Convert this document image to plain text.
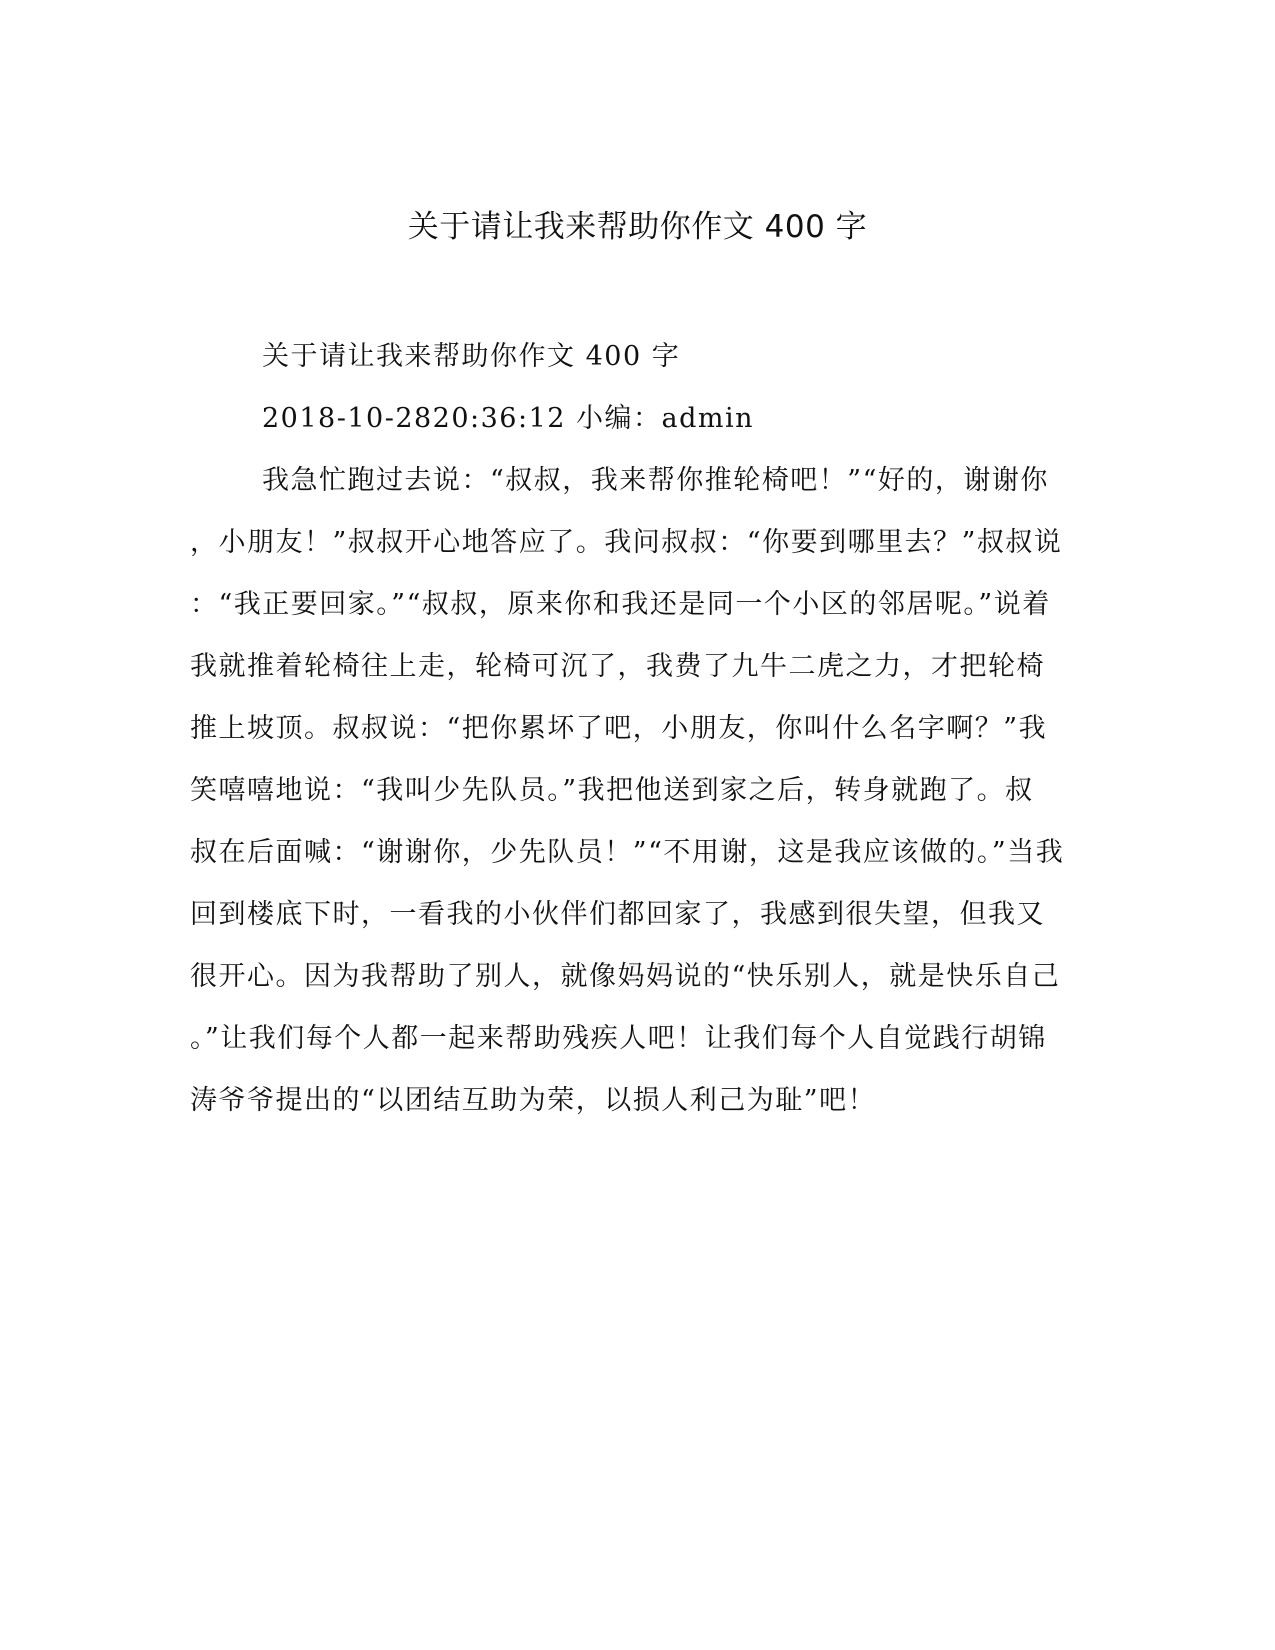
关于请让我来帮助你作文 400 字
关于请让我来帮助你作文 400 字
2018-10-2820:36:12 小编：admin
我急忙跑过去说：“叔叔，我来帮你推轮椅吧！”“好的，谢谢你
，小朋友！”叔叔开心地答应了。我问叔叔：“你要到哪里去？”叔叔说
：“我正要回家。”“叔叔，原来你和我还是同一个小区的邻居呢。”说着
我就推着轮椅往上走，轮椅可沉了，我费了九牛二虎之力，才把轮椅
推上坡顶。叔叔说：“把你累坏了吧，小朋友，你叫什么名字啊？”我
笑嘻嘻地说：“我叫少先队员。”我把他送到家之后，转身就跑了。叔
叔在后面喊：“谢谢你，少先队员！”“不用谢，这是我应该做的。”当我
回到楼底下时，一看我的小伙伴们都回家了，我感到很失望，但我又
很开心。因为我帮助了别人，就像妈妈说的“快乐别人，就是快乐自己
。”让我们每个人都一起来帮助残疾人吧！让我们每个人自觉践行胡锦
涛爷爷提出的“以团结互助为荣，以损人利己为耻”吧！
